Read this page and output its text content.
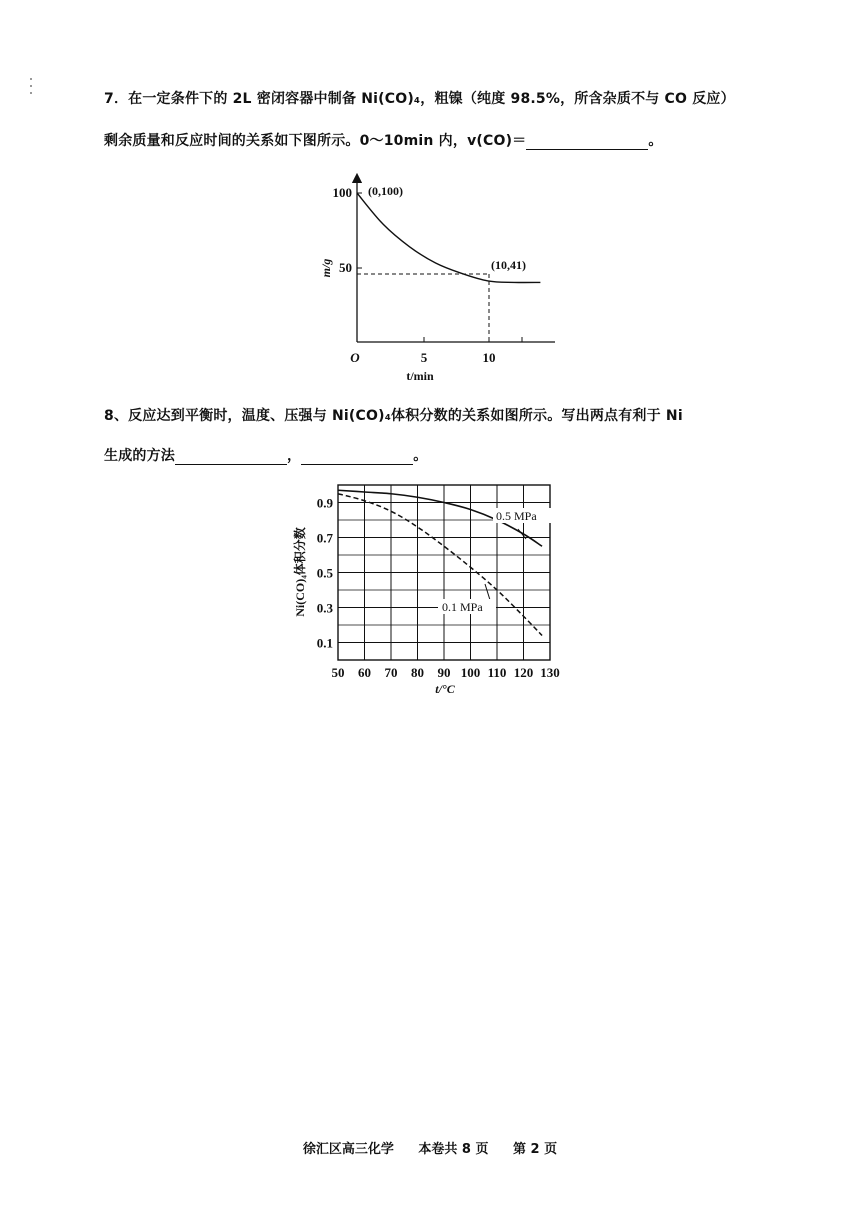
7．在一定条件下的 2L 密闭容器中制备 Ni(CO)₄，粗镍（纯度 98.5%，所含杂质不与 CO 反应）
剩余质量和反应时间的关系如下图所示。0～10min 内，v(CO)＝	。
100
50
O	5	10
t/min
m/g
(0,100)
(10,41)
8、反应达到平衡时，温度、压强与 Ni(CO)₄体积分数的关系如图所示。写出两点有利于 Ni
生成的方法	，	。
0.9
0.7
0.5
0.3
0.1
50 60 70 80 90 100 110 120 130
0.5 MPa
0.1 MPa
Ni(CO)₄体积分数
t/°C
徐汇区高三化学 本卷共 8 页 第 2 页
